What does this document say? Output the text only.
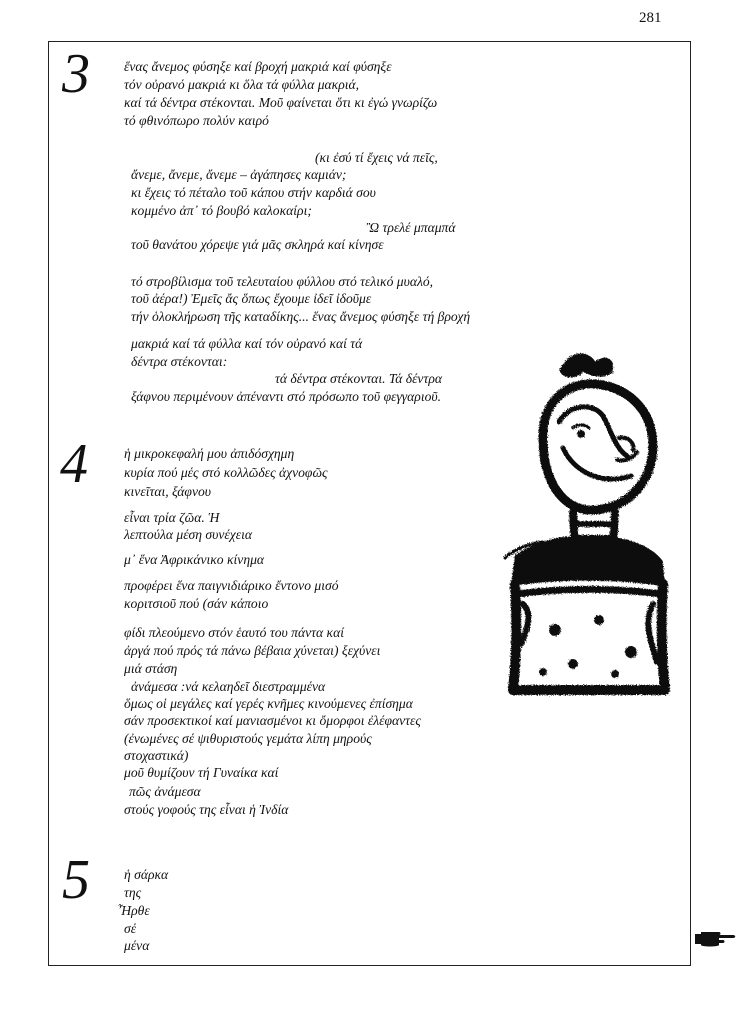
281
3	ἕνας ἄνεμος φύσηξε καί βροχή μακριά καί φύσηξε
τόν οὐρανό μακριά κι ὅλα τά φύλλα μακριά,
καί τά δέντρα στέκονται. Μοῦ φαίνεται ὅτι κι ἐγώ γνωρίζω
τό φθινόπωρο πολύν καιρό
(κι ἐσύ τί ἔχεις νά πεῖς,
ἄνεμε, ἄνεμε, ἄνεμε – ἀγάπησες καμιάν;
κι ἔχεις τό πέταλο τοῦ κάπου στήν καρδιά σου
κομμένο ἀπ᾽ τό βουβό καλοκαίρι;
Ὢ τρελέ μπαμπά
τοῦ θανάτου χόρεψε γιά μᾶς σκληρά καί κίνησε
τό στροβίλισμα τοῦ τελευταίου φύλλου στό τελικό μυαλό,
τοῦ ἀέρα!) Ἐμεῖς ἄς ὅπως ἔχουμε ἰδεῖ ἰδοῦμε
τήν ὁλοκλήρωση τῆς καταδίκης... ἕνας ἄνεμος φύσηξε τή βροχή
μακριά καί τά φύλλα καί τόν οὐρανό καί τά
δέντρα στέκονται:
τά δέντρα στέκονται. Τά δέντρα
ξάφνου περιμένουν ἀπέναντι στό πρόσωπο τοῦ φεγγαριοῦ.
4	ἡ μικροκεφαλή μου ἀπιδόσχημη
κυρία πού μές στό κολλῶδες ἀχνοφῶς
κινεῖται, ξάφνου
εἶναι τρία ζῶα. Ἡ
λεπτούλα μέση συνέχεια
μ᾽ ἕνα Ἀφρικάνικο κίνημα
προφέρει ἕνα παιγνιδιάρικο ἔντονο μισό
κοριτσιοῦ πού (σάν κάποιο
φίδι πλεούμενο στόν ἑαυτό του πάντα καί
ἀργά πού πρός τά πάνω βέβαια χύνεται) ξεχύνει
μιά στάση
ἀνάμεσα :νά κελαηδεῖ διεστραμμένα
ὅμως οἱ μεγάλες καί γερές κνῆμες κινούμενες ἐπίσημα
σάν προσεκτικοί καί μανιασμένοι κι ὄμορφοι ἐλέφαντες
(ἐνωμένες σέ ψιθυριστούς γεμάτα λίπη μηρούς
στοχαστικά)
μοῦ θυμίζουν τή Γυναίκα καί
πῶς ἀνάμεσα
στούς γοφούς της εἶναι ἡ Ἰνδία
5	ἡ σάρκα
της
Ἦρθε
σέ
μένα
